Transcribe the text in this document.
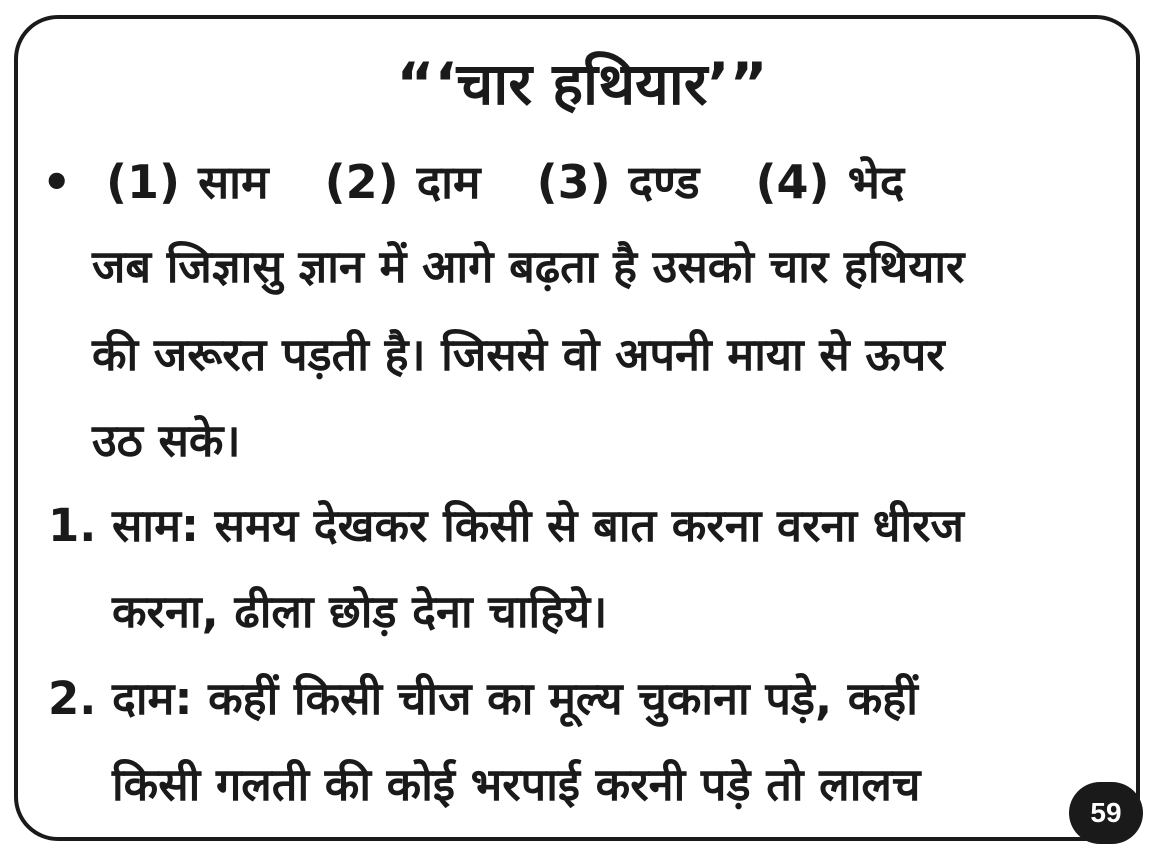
“‘चार हथियार’”
• (1) साम (2) दाम (3) दण्ड (4) भेद
जब जिज्ञासु ज्ञान में आगे बढ़ता है उसको चार हथियार
की जरूरत पड़ती है। जिससे वो अपनी माया से ऊपर
उठ सके।
1. साम: समय देखकर किसी से बात करना वरना धीरज
करना, ढीला छोड़ देना चाहिये।
2. दाम: कहीं किसी चीज का मूल्य चुकाना पड़े, कहीं
किसी गलती की कोई भरपाई करनी पड़े तो लालच
59
